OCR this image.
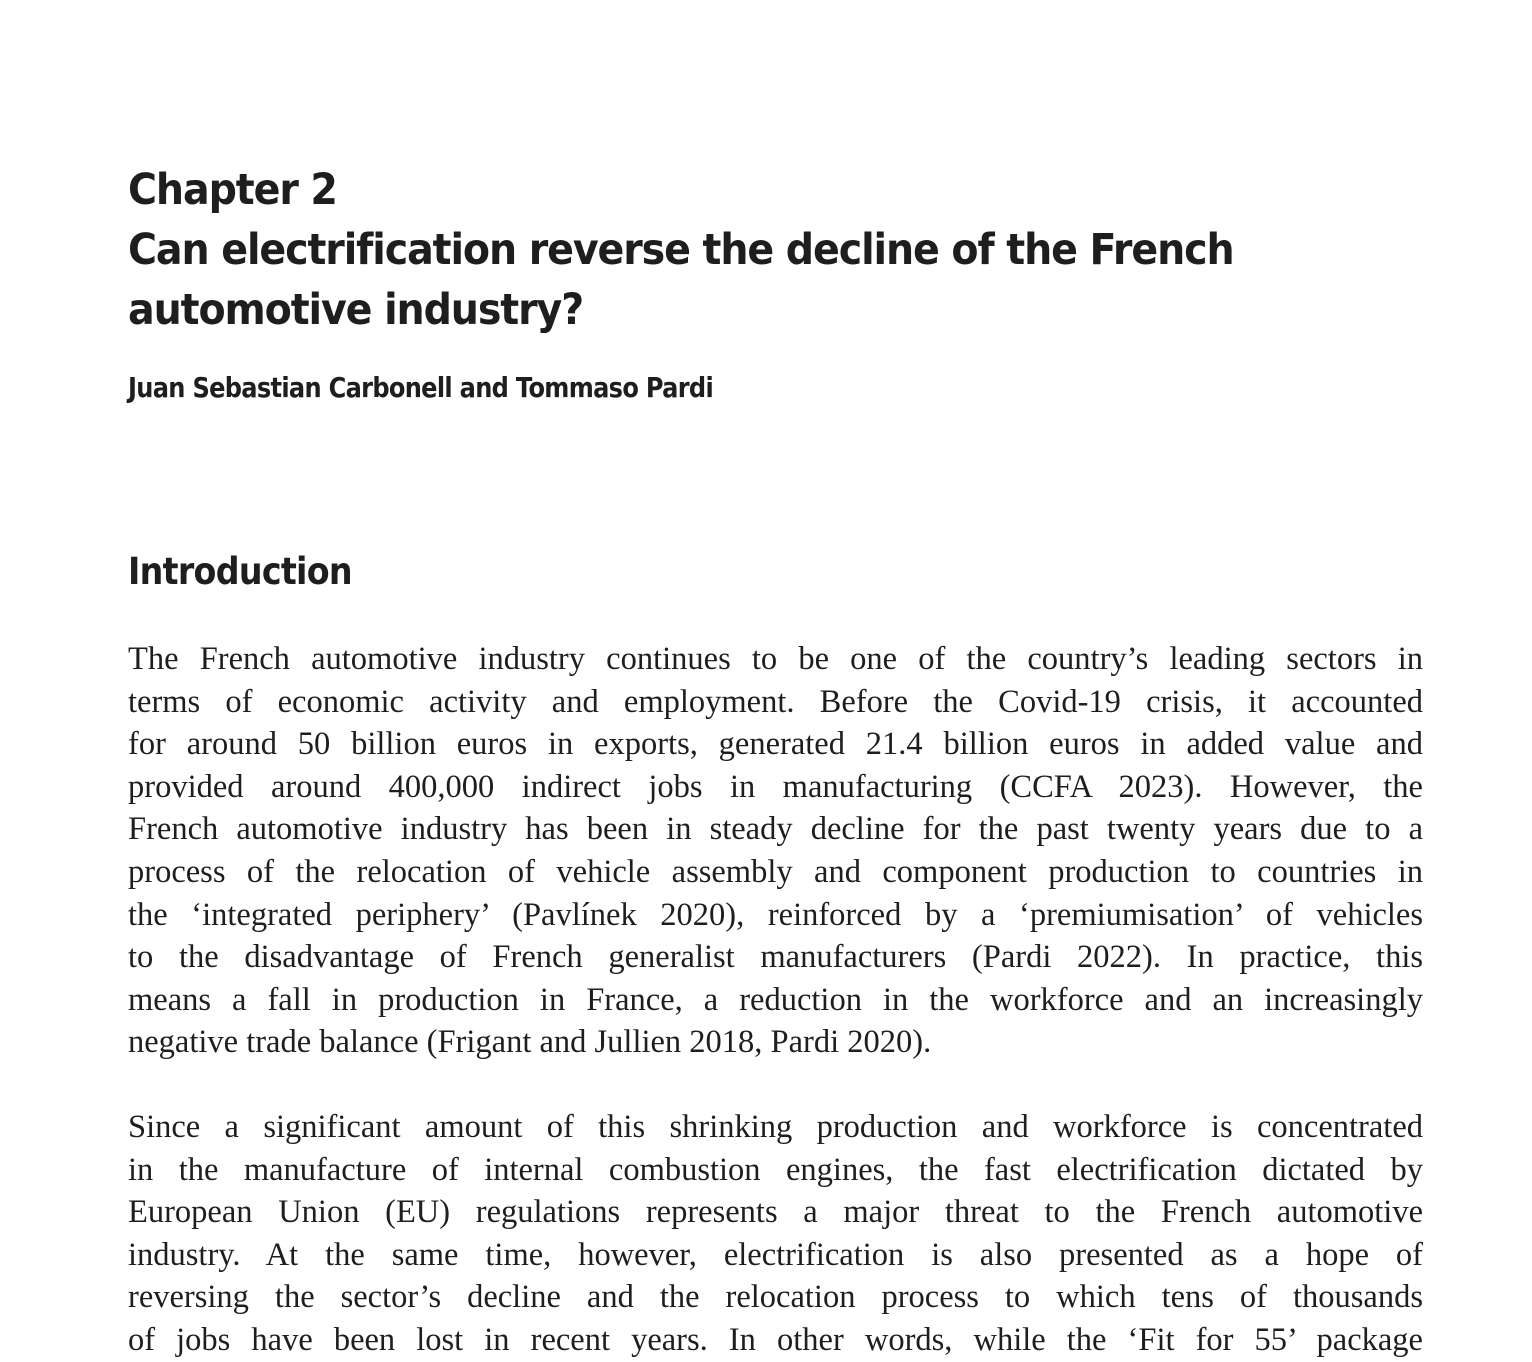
Chapter 2
Can electrification reverse the decline of the French
automotive industry?
Juan Sebastian Carbonell and Tommaso Pardi
Introduction
The French automotive industry continues to be one of the country’s leading sectors in
terms of economic activity and employment. Before the Covid-19 crisis, it accounted
for around 50 billion euros in exports, generated 21.4 billion euros in added value and
provided around 400,000 indirect jobs in manufacturing (CCFA 2023). However, the
French automotive industry has been in steady decline for the past twenty years due to a
process of the relocation of vehicle assembly and component production to countries in
the ‘integrated periphery’ (Pavlínek 2020), reinforced by a ‘premiumisation’ of vehicles
to the disadvantage of French generalist manufacturers (Pardi 2022). In practice, this
means a fall in production in France, a reduction in the workforce and an increasingly
negative trade balance (Frigant and Jullien 2018, Pardi 2020).
Since a significant amount of this shrinking production and workforce is concentrated
in the manufacture of internal combustion engines, the fast electrification dictated by
European Union (EU) regulations represents a major threat to the French automotive
industry. At the same time, however, electrification is also presented as a hope of
reversing the sector’s decline and the relocation process to which tens of thousands
of jobs have been lost in recent years. In other words, while the ‘Fit for 55’ package
